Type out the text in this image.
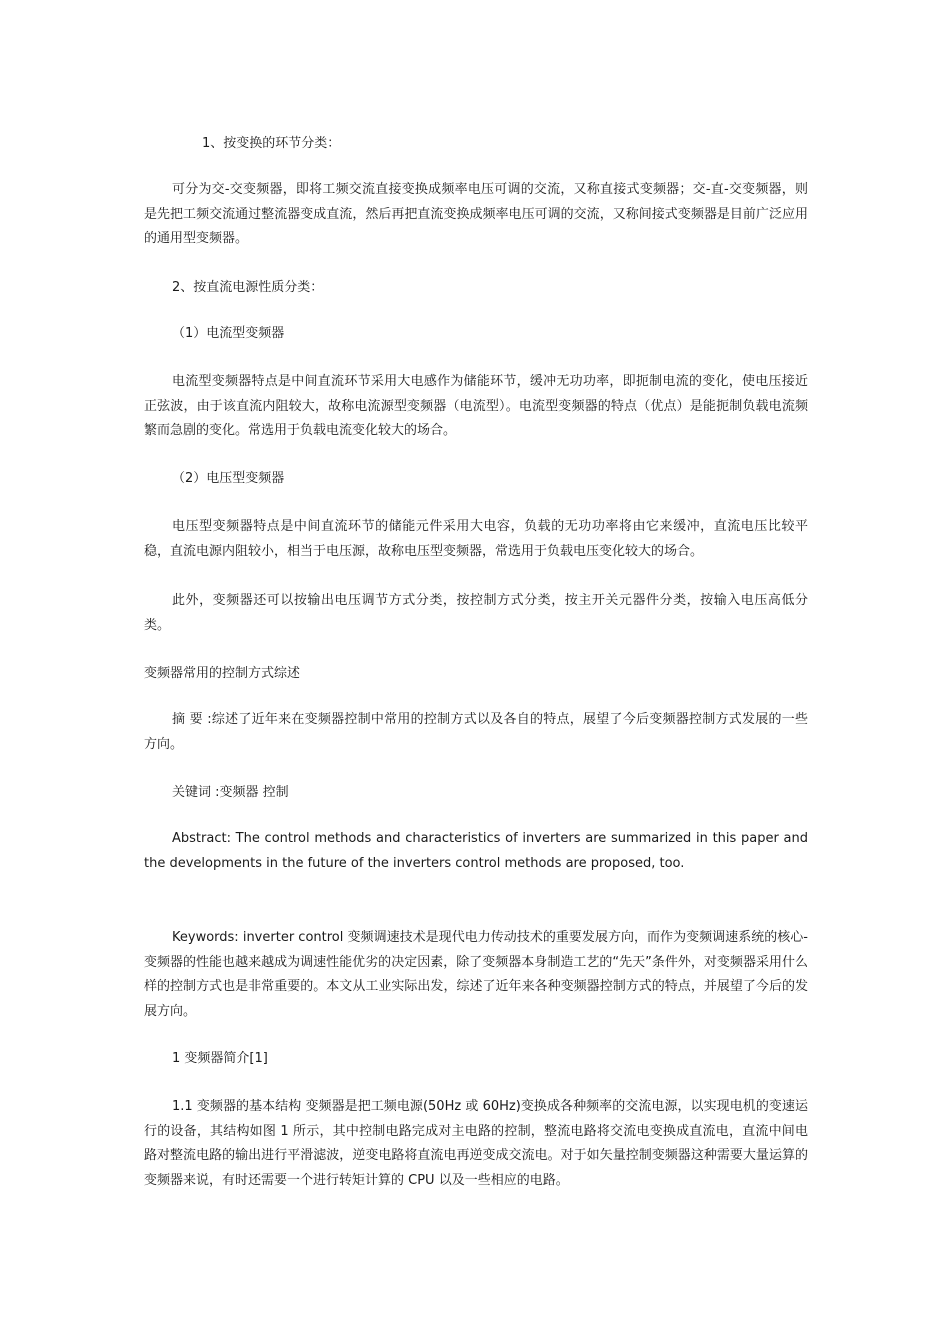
1、按变换的环节分类：

可分为交-交变频器，即将工频交流直接变换成频率电压可调的交流，又称直接式变频器；交-直-交变频器，则是先把工频交流通过整流器变成直流，然后再把直流变换成频率电压可调的交流，又称间接式变频器是目前广泛应用的通用型变频器。

2、按直流电源性质分类：

（1）电流型变频器

电流型变频器特点是中间直流环节采用大电感作为储能环节，缓冲无功功率，即扼制电流的变化，使电压接近正弦波，由于该直流内阻较大，故称电流源型变频器（电流型）。电流型变频器的特点（优点）是能扼制负载电流频繁而急剧的变化。常选用于负载电流变化较大的场合。

（2）电压型变频器

电压型变频器特点是中间直流环节的储能元件采用大电容，负载的无功功率将由它来缓冲，直流电压比较平稳，直流电源内阻较小，相当于电压源，故称电压型变频器，常选用于负载电压变化较大的场合。

此外，变频器还可以按输出电压调节方式分类，按控制方式分类，按主开关元器件分类，按输入电压高低分类。

变频器常用的控制方式综述

摘 要 :综述了近年来在变频器控制中常用的控制方式以及各自的特点，展望了今后变频器控制方式发展的一些方向。

关键词 :变频器 控制

Abstract: The control methods and characteristics of inverters are summarized in this paper and the developments in the future of the inverters control methods are proposed, too.

Keywords: inverter control 变频调速技术是现代电力传动技术的重要发展方向，而作为变频调速系统的核心-变频器的性能也越来越成为调速性能优劣的决定因素，除了变频器本身制造工艺的“先天”条件外，对变频器采用什么样的控制方式也是非常重要的。本文从工业实际出发，综述了近年来各种变频器控制方式的特点，并展望了今后的发展方向。

1 变频器简介[1]

1.1 变频器的基本结构 变频器是把工频电源(50Hz 或 60Hz)变换成各种频率的交流电源，以实现电机的变速运行的设备，其结构如图 1 所示，其中控制电路完成对主电路的控制，整流电路将交流电变换成直流电，直流中间电路对整流电路的输出进行平滑滤波，逆变电路将直流电再逆变成交流电。对于如矢量控制变频器这种需要大量运算的变频器来说，有时还需要一个进行转矩计算的 CPU 以及一些相应的电路。
